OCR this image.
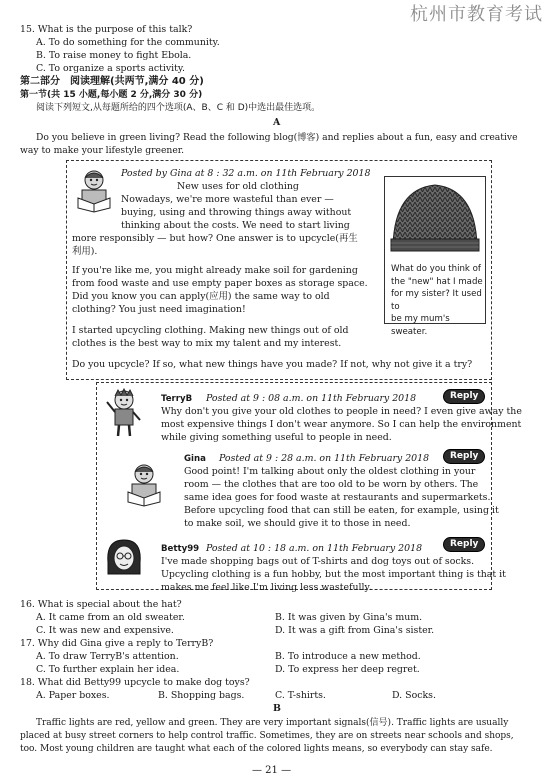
杭州市教育考试
15. What is the purpose of this talk?
A. To do something for the community.
B. To raise money to fight Ebola.
C. To organize a sports activity.
第二部分　阅读理解(共两节,满分 40 分)
第一节(共 15 小题,每小题 2 分,满分 30 分)
阅读下列短文,从每题所给的四个选项(A、B、C 和 D)中选出最佳选项。
A
Do you believe in green living? Read the following blog(博客) and replies about a fun, easy and creative
way to make your lifestyle greener.
Posted by Gina at 8 : 32 a.m. on 11th February 2018
New uses for old clothing
Nowadays, we're more wasteful than ever —
buying, using and throwing things away without
thinking about the costs. We need to start living
more responsibly — but how? One answer is to upcycle(再生
利用).
If you're like me, you might already make soil for gardening
from food waste and use empty paper boxes as storage space.
Did you know you can apply(应用) the same way to old
clothing? You just need imagination!
I started upcycling clothing. Making new things out of old
clothes is the best way to mix my talent and my interest.
Do you upcycle? If so, what new things have you made? If not, why not give it a try?
What do you think of
the "new" hat I made
for my sister? It used to
be my mum's sweater.
TerryB Posted at 9 : 08 a.m. on 11th February 2018	Reply
Why don't you give your old clothes to people in need? I even give away the
most expensive things I don't wear anymore. So I can help the environment
while giving something useful to people in need.
Gina Posted at 9 : 28 a.m. on 11th February 2018	Reply
Good point! I'm talking about only the oldest clothing in your
room — the clothes that are too old to be worn by others. The
same idea goes for food waste at restaurants and supermarkets.
Before upcycling food that can still be eaten, for example, using it
to make soil, we should give it to those in need.
Betty99 Posted at 10 : 18 a.m. on 11th February 2018	Reply
I've made shopping bags out of T-shirts and dog toys out of socks.
Upcycling clothing is a fun hobby, but the most important thing is that it
makes me feel like I'm living less wastefully.
16. What is special about the hat?
A. It came from an old sweater.	B. It was given by Gina's mum.
C. It was new and expensive.	D. It was a gift from Gina's sister.
17. Why did Gina give a reply to TerryB?
A. To draw TerryB's attention.	B. To introduce a new method.
C. To further explain her idea.	D. To express her deep regret.
18. What did Betty99 upcycle to make dog toys?
A. Paper boxes.	B. Shopping bags.	C. T-shirts.	D. Socks.
B
Traffic lights are red, yellow and green. They are very important signals(信号). Traffic lights are usually
placed at busy street corners to help control traffic. Sometimes, they are on streets near schools and shops,
too. Most young children are taught what each of the colored lights means, so everybody can stay safe.
— 21 —
